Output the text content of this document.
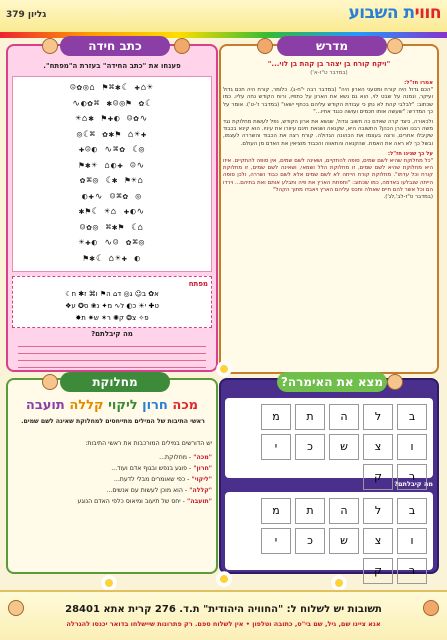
חווית השבוע
גליון 379
מדרש
"ויקח קורח בן יצהר בן קהת בן לוי..."
(במדבר ט"ז-א')
אמרו חז"ל:
"הכם גדול היה קורח ומטעני הארון היה" (במדבר רבה י"ח-ג). כלומר, קורח היה חכם גדול ועיקר, ונמנה על שבט לוי, הוא גם נשא את הארון על כתפיו, ורוח הקודש נחה עליו. כמו שכתוב: "לבלבי קהת לא נתן כי עבודת הקודש עליהם בכתף ישאו" (במדבר ז'-ט'). אומר על כך המדרש: "שעשה אותו חכמים ועושה כנגד אחיו..."
ולכאורה, כיצד קרה שאדם כה חשוב וגדול, שנשא את ארון הקודש, נפל לעשות מחלוקת נגד משה רבנו ואהרן הכהן? התשובה היא, שקנאה ושנאת חינם עיוורו את עיניו. הוא קינא בכבוד שקיבלו אחרים, ורצה בעצמו את הכהונה הגדולה. קורח רצה את הכבוד והשררה לעצמו, ובשל כך לא ראה את האמת. שהקנאה והתאווה והכבוד מוציאין את האדם מן העולם.
על כך שנינו חז"ל:
"כל מחלוקת שהיא לשם שמים, סופה להתקיים, ושאינה לשם שמים, אין סופה להתקיים. איזו היא מחלוקת שהיא לשם שמים, זו מחלוקת הלל ושמאי, ושאינה לשם שמים, זו מחלוקת קורח וכל עדתו". מחלוקת קורח הייתה לא לשם שמים אלא לשם כבוד ושררה, ולכן סופה הייתה שנבלעו באדמה, כמו שכתוב: "ותפתח הארץ את פיה ותבלע אותם ואת בתיהם... וירדו הם וכל אשר להם חיים שאולה ותכס עליהם הארץ ויאבדו מתוך הקהל"
(במדבר ט"ז-לב',לג').
כתב חידה
פענחו את "כתב החידה" בעזרת ה"מפתח".
☺✿◎⌂ ⚑⌘✱☾ ✚⌂☀
∿◐✿⌘ ✱☺◎⚑ ✿☾
☀⌂✱ ⚑✚◐ ☺✿∿
◎☾⌘ ✿✱⚑ ⌂☀✚
✚☺◐ ∿⌘✿ ☾◎
⚑✱☀ ⌂◐✚ ☺∿
✿⌘◎ ☾✱ ⚑☀⌂
◐✚∿ ☺⌘✿ ◎
✱⚑☾ ☀⌂ ✚◐∿
☺✿◎ ⌘✱⚑ ☾⌂
☀✚◐ ∿☺ ✿⌘◎
⚑✱☾ ⌂☀✚ ◐
מפתח
א✿ ב☺ ג◎ ד⌂ ה⚑ ו⌘ ז✱ ח☾
ט✚ י☀ כ◐ ל∿ מ✦ נ❀ ס✪ ע❖
פ✧ צ❂ ק✺ ר✶ ש✷ ת✸
מה קיבלתם?
מחלוקת
מכה חרון ליקוי קללה תועבה
ראשי התיבות של המילים מתייחסים למחלוקת שאינה לשם שמים.
יש הדורשים במילים המורכבות את ראשי התיבות:
"מכה" - מחלוקת...
"חרון" - פוגע בנפש ובגוף אדם ועוד...
"ליקוי" - כפי שאומרים מבלי לדעת...
"קללה" - הוא מוכן לעשות עם אנשים...
"תועבה" - יחס של תיעוב ומיאוס כלפי האדם הנוגע
מצא את האימרה?
בלהתמוצשכירק
מה קיבלתם?
בלהתמוצשכירק
תשובות יש לשלוח ל: "החוויה היהודית" ת.ד. 276 קרית אתא 28401
אנא ציינו שם, גיל, שם בי"ס, כתובה וטלפון • אין לשלוח ספם. רק פתרונות שיישלחו בדואר יכנסו להגרלה
